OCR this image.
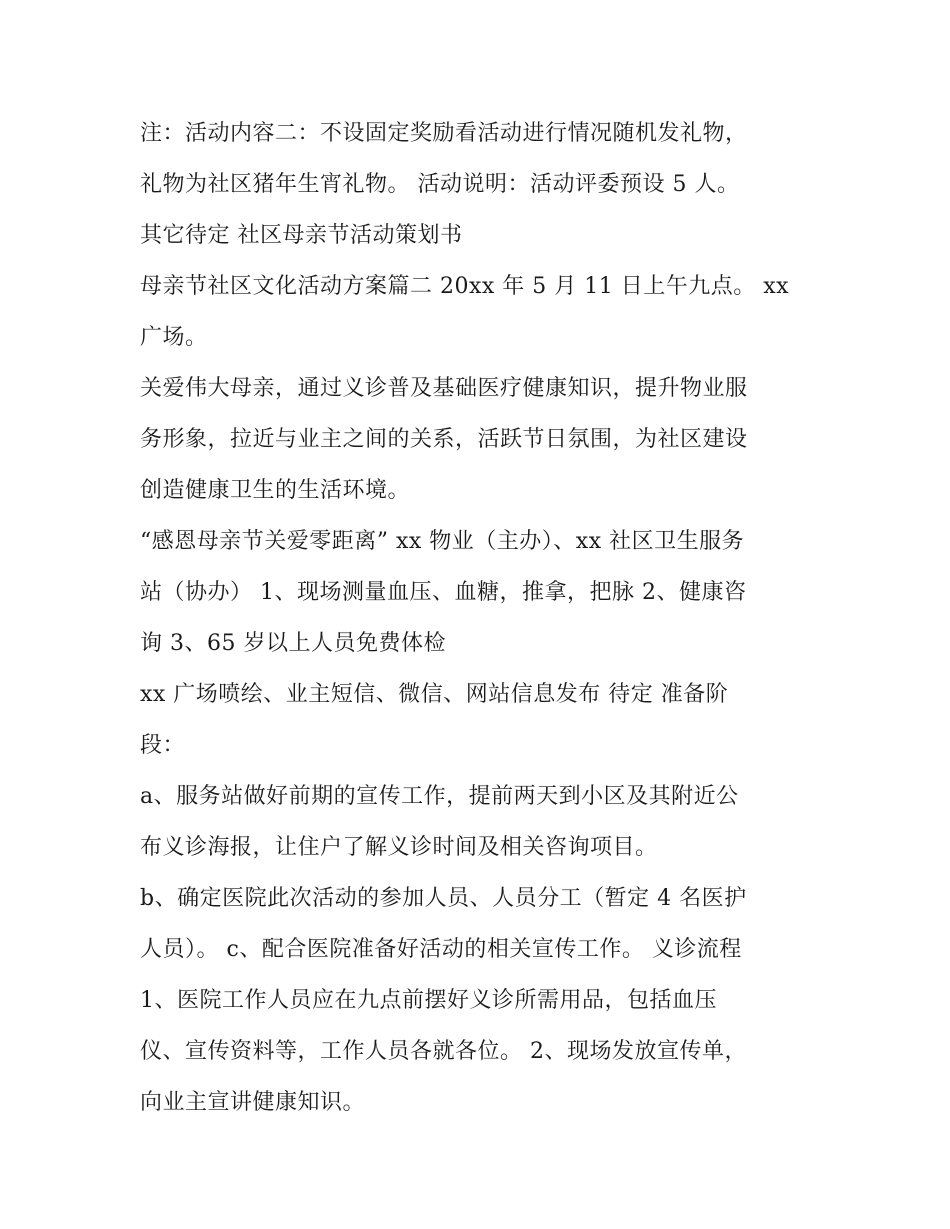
注：活动内容二：不设固定奖励看活动进行情况随机发礼物，
礼物为社区猪年生宵礼物。 活动说明：活动评委预设 5 人。
其它待定 社区母亲节活动策划书
母亲节社区文化活动方案篇二 20xx 年 5 月 11 日上午九点。 xx
广场。
关爱伟大母亲，通过义诊普及基础医疗健康知识，提升物业服
务形象，拉近与业主之间的关系，活跃节日氛围，为社区建设
创造健康卫生的生活环境。
“感恩母亲节关爱零距离” xx 物业（主办）、xx 社区卫生服务
站（协办） 1、现场测量血压、血糖，推拿，把脉 2、健康咨
询 3、65 岁以上人员免费体检
xx 广场喷绘、业主短信、微信、网站信息发布 待定 准备阶
段：
a、服务站做好前期的宣传工作，提前两天到小区及其附近公
布义诊海报，让住户了解义诊时间及相关咨询项目。
b、确定医院此次活动的参加人员、人员分工（暂定 4 名医护
人员）。 c、配合医院准备好活动的相关宣传工作。 义诊流程
1、医院工作人员应在九点前摆好义诊所需用品，包括血压
仪、宣传资料等，工作人员各就各位。 2、现场发放宣传单，
向业主宣讲健康知识。
